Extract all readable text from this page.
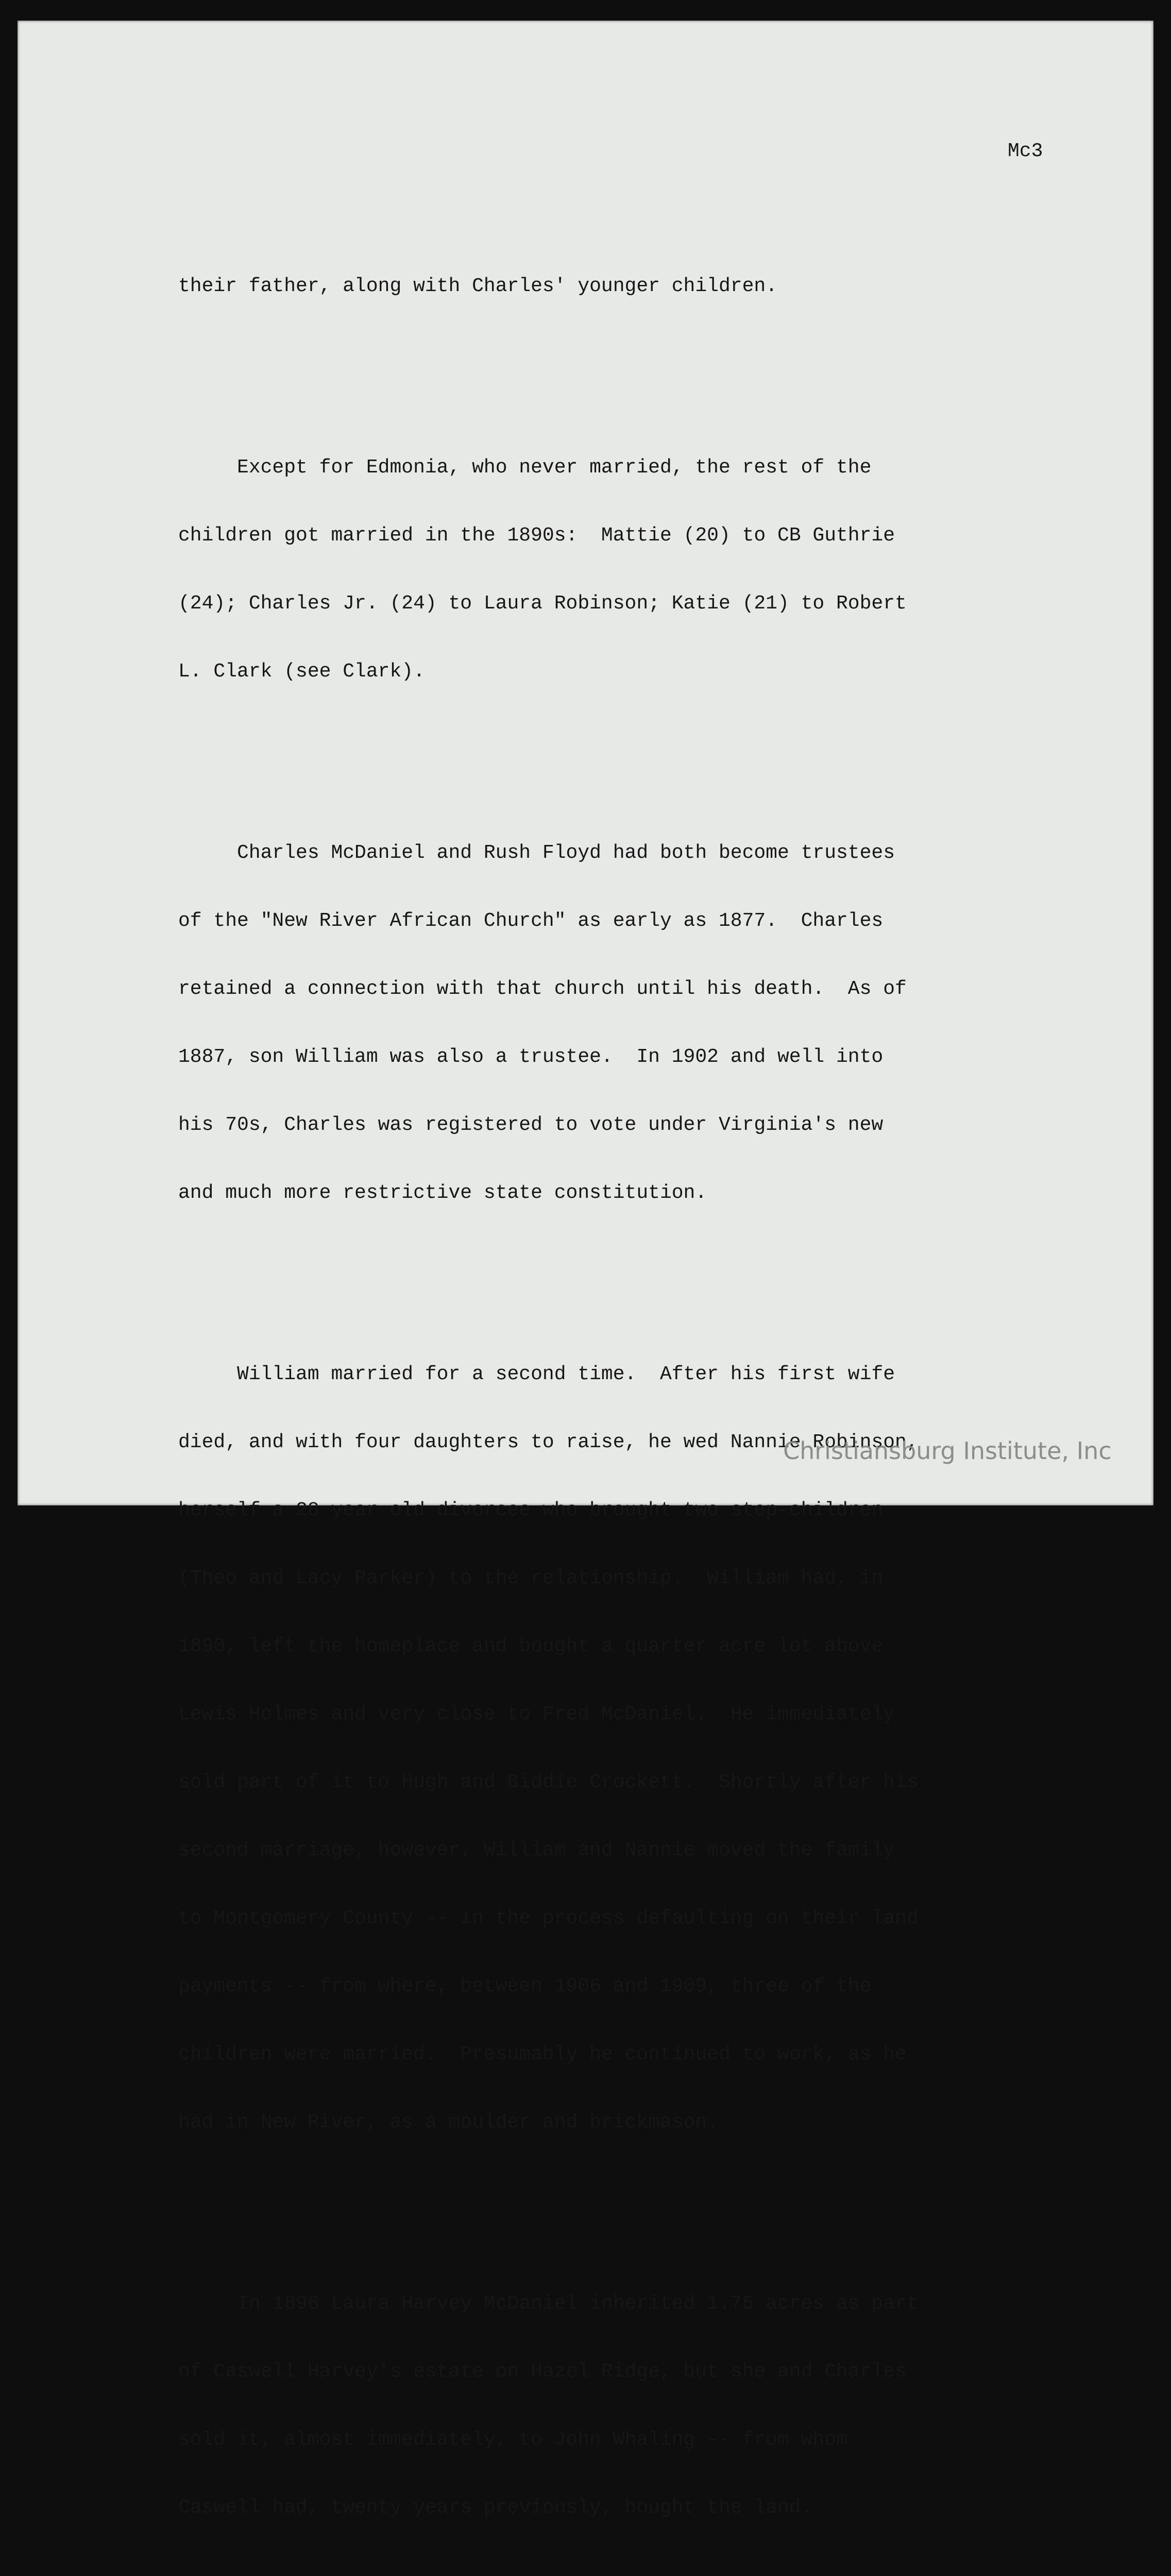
Mc3

their father, along with Charles' younger children.

Except for Edmonia, who never married, the rest of the

children got married in the 1890s:  Mattie (20) to CB Guthrie

(24); Charles Jr. (24) to Laura Robinson; Katie (21) to Robert

L. Clark (see Clark).

Charles McDaniel and Rush Floyd had both become trustees

of the "New River African Church" as early as 1877.  Charles

retained a connection with that church until his death.  As of

1887, son William was also a trustee.  In 1902 and well into

his 70s, Charles was registered to vote under Virginia's new

and much more restrictive state constitution.

William married for a second time.  After his first wife

died, and with four daughters to raise, he wed Nannie Robinson,

herself a 28 year old divorcee who brought two step-children

(Theo and Lacy Parker) to the relationship.  William had, in

1890, left the homeplace and bought a quarter acre lot above

Lewis Holmes and very close to Fred McDaniel.  He immediately

sold part of it to Hugh and Biddie Crockett.  Shortly after his

second marriage, however, William and Nannie moved the family

to Montgomery County -- in the process defaulting on their land

payments -- from where, between 1906 and 1909, three of the

children were married.  Presumably he continued to work, as he

had in New River, as a moulder and brickmason.

In 1896 Laura Harvey McDaniel inherited 1.75 acres as part

of Caswell Harvey's estate on Hazel Ridge, but she and Charles

sold it, almost immediately, to John Whaling -- from whom

Caswell had, twenty years previously, bought the land.

Christiansburg Institute, Inc
